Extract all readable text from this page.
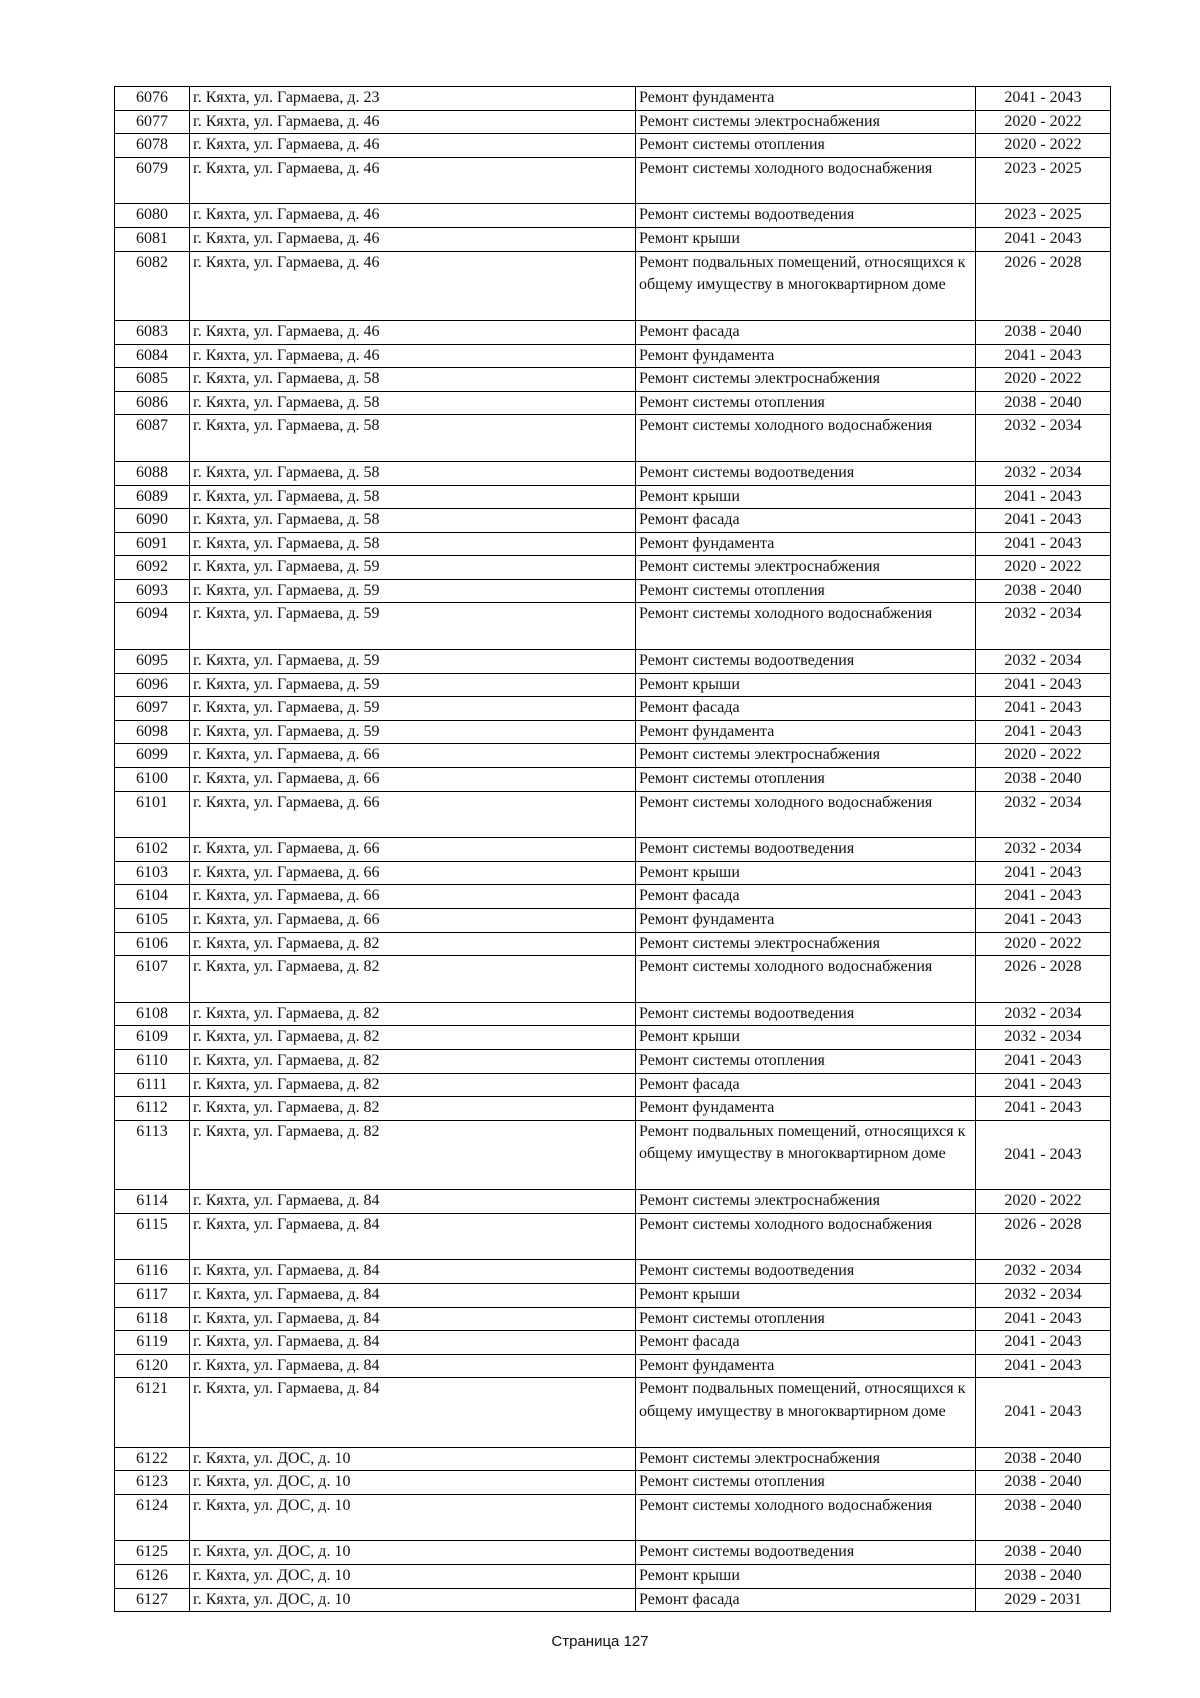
6076	г. Кяхта, ул. Гармаева, д. 23	Ремонт фундамента	2041 - 2043
6077	г. Кяхта, ул. Гармаева, д. 46	Ремонт системы электроснабжения	2020 - 2022
6078	г. Кяхта, ул. Гармаева, д. 46	Ремонт системы отопления	2020 - 2022
6079	г. Кяхта, ул. Гармаева, д. 46	Ремонт системы холодного водоснабжения	2023 - 2025
6080	г. Кяхта, ул. Гармаева, д. 46	Ремонт системы водоотведения	2023 - 2025
6081	г. Кяхта, ул. Гармаева, д. 46	Ремонт крыши	2041 - 2043
6082	г. Кяхта, ул. Гармаева, д. 46	Ремонт подвальных помещений, относящихся к общему имуществу в многоквартирном доме	2026 - 2028
6083	г. Кяхта, ул. Гармаева, д. 46	Ремонт фасада	2038 - 2040
6084	г. Кяхта, ул. Гармаева, д. 46	Ремонт фундамента	2041 - 2043
6085	г. Кяхта, ул. Гармаева, д. 58	Ремонт системы электроснабжения	2020 - 2022
6086	г. Кяхта, ул. Гармаева, д. 58	Ремонт системы отопления	2038 - 2040
6087	г. Кяхта, ул. Гармаева, д. 58	Ремонт системы холодного водоснабжения	2032 - 2034
6088	г. Кяхта, ул. Гармаева, д. 58	Ремонт системы водоотведения	2032 - 2034
6089	г. Кяхта, ул. Гармаева, д. 58	Ремонт крыши	2041 - 2043
6090	г. Кяхта, ул. Гармаева, д. 58	Ремонт фасада	2041 - 2043
6091	г. Кяхта, ул. Гармаева, д. 58	Ремонт фундамента	2041 - 2043
6092	г. Кяхта, ул. Гармаева, д. 59	Ремонт системы электроснабжения	2020 - 2022
6093	г. Кяхта, ул. Гармаева, д. 59	Ремонт системы отопления	2038 - 2040
6094	г. Кяхта, ул. Гармаева, д. 59	Ремонт системы холодного водоснабжения	2032 - 2034
6095	г. Кяхта, ул. Гармаева, д. 59	Ремонт системы водоотведения	2032 - 2034
6096	г. Кяхта, ул. Гармаева, д. 59	Ремонт крыши	2041 - 2043
6097	г. Кяхта, ул. Гармаева, д. 59	Ремонт фасада	2041 - 2043
6098	г. Кяхта, ул. Гармаева, д. 59	Ремонт фундамента	2041 - 2043
6099	г. Кяхта, ул. Гармаева, д. 66	Ремонт системы электроснабжения	2020 - 2022
6100	г. Кяхта, ул. Гармаева, д. 66	Ремонт системы отопления	2038 - 2040
6101	г. Кяхта, ул. Гармаева, д. 66	Ремонт системы холодного водоснабжения	2032 - 2034
6102	г. Кяхта, ул. Гармаева, д. 66	Ремонт системы водоотведения	2032 - 2034
6103	г. Кяхта, ул. Гармаева, д. 66	Ремонт крыши	2041 - 2043
6104	г. Кяхта, ул. Гармаева, д. 66	Ремонт фасада	2041 - 2043
6105	г. Кяхта, ул. Гармаева, д. 66	Ремонт фундамента	2041 - 2043
6106	г. Кяхта, ул. Гармаева, д. 82	Ремонт системы электроснабжения	2020 - 2022
6107	г. Кяхта, ул. Гармаева, д. 82	Ремонт системы холодного водоснабжения	2026 - 2028
6108	г. Кяхта, ул. Гармаева, д. 82	Ремонт системы водоотведения	2032 - 2034
6109	г. Кяхта, ул. Гармаева, д. 82	Ремонт крыши	2032 - 2034
6110	г. Кяхта, ул. Гармаева, д. 82	Ремонт системы отопления	2041 - 2043
6111	г. Кяхта, ул. Гармаева, д. 82	Ремонт фасада	2041 - 2043
6112	г. Кяхта, ул. Гармаева, д. 82	Ремонт фундамента	2041 - 2043
6113	г. Кяхта, ул. Гармаева, д. 82	Ремонт подвальных помещений, относящихся к общему имуществу в многоквартирном доме	2041 - 2043
6114	г. Кяхта, ул. Гармаева, д. 84	Ремонт системы электроснабжения	2020 - 2022
6115	г. Кяхта, ул. Гармаева, д. 84	Ремонт системы холодного водоснабжения	2026 - 2028
6116	г. Кяхта, ул. Гармаева, д. 84	Ремонт системы водоотведения	2032 - 2034
6117	г. Кяхта, ул. Гармаева, д. 84	Ремонт крыши	2032 - 2034
6118	г. Кяхта, ул. Гармаева, д. 84	Ремонт системы отопления	2041 - 2043
6119	г. Кяхта, ул. Гармаева, д. 84	Ремонт фасада	2041 - 2043
6120	г. Кяхта, ул. Гармаева, д. 84	Ремонт фундамента	2041 - 2043
6121	г. Кяхта, ул. Гармаева, д. 84	Ремонт подвальных помещений, относящихся к общему имуществу в многоквартирном доме	2041 - 2043
6122	г. Кяхта, ул. ДОС, д. 10	Ремонт системы электроснабжения	2038 - 2040
6123	г. Кяхта, ул. ДОС, д. 10	Ремонт системы отопления	2038 - 2040
6124	г. Кяхта, ул. ДОС, д. 10	Ремонт системы холодного водоснабжения	2038 - 2040
6125	г. Кяхта, ул. ДОС, д. 10	Ремонт системы водоотведения	2038 - 2040
6126	г. Кяхта, ул. ДОС, д. 10	Ремонт крыши	2038 - 2040
6127	г. Кяхта, ул. ДОС, д. 10	Ремонт фасада	2029 - 2031
Страница 127
